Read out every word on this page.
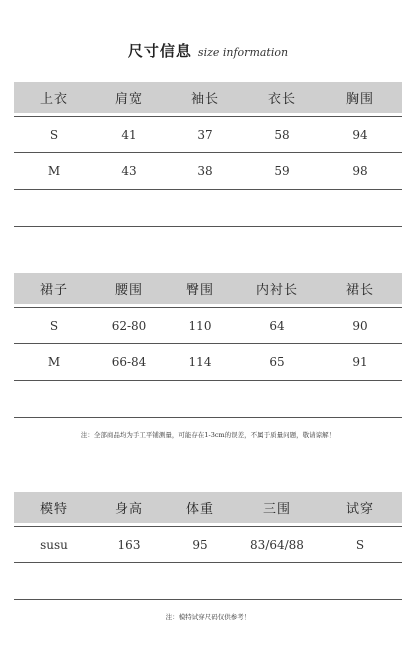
尺寸信息 size information
上衣	肩宽	袖长	衣长	胸围
S	41	37	58	94
M	43	38	59	98
裙子	腰围	臀围	内衬长	裙长
S	62-80	110	64	90
M	66-84	114	65	91
注：全部商品均为手工平铺测量，可能存在1-3cm的误差，不属于质量问题，敬请谅解！
模特	身高	体重	三围	试穿
susu	163	95	83/64/88	S
注：模特试穿尺码仅供参考！
